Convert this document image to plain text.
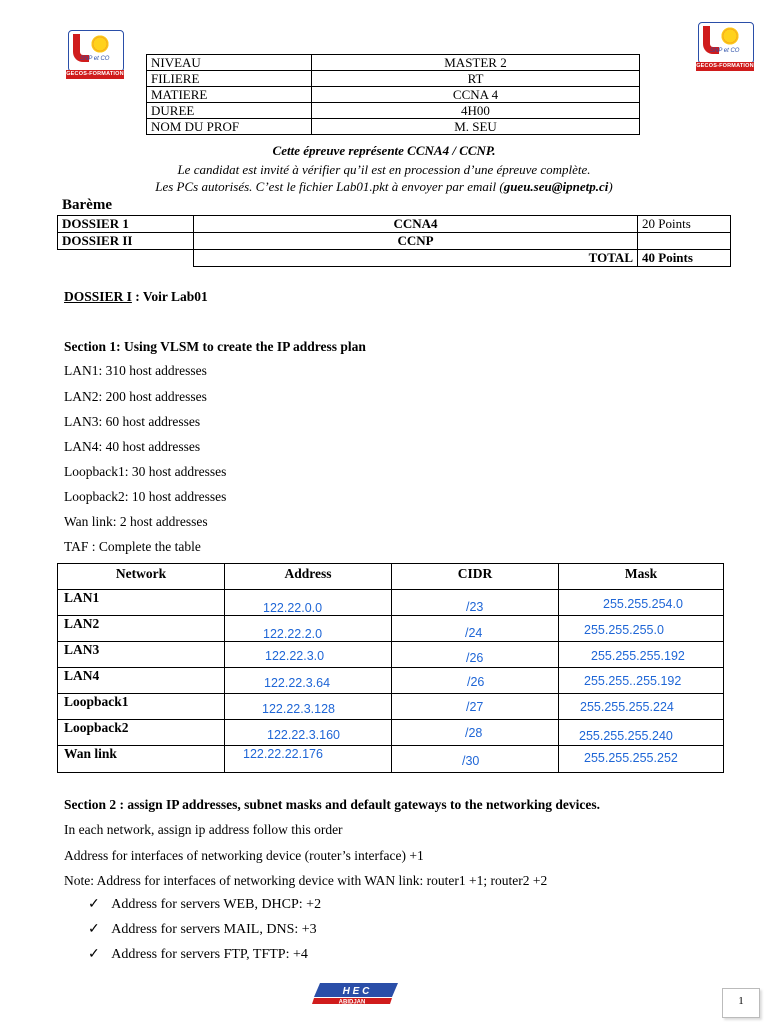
SNP et CO
GECOS-FORMATION
SNP et CO
GECOS-FORMATION
NIVEAU	MASTER 2
FILIERE	RT
MATIERE	CCNA 4
DUREE	4H00
NOM DU PROF	M. SEU
Cette épreuve représente CCNA4 / CCNP.
Le candidat est invité à vérifier qu’il est en procession d’une épreuve complète.
Les PCs autorisés. C’est le fichier Lab01.pkt à envoyer par email (gueu.seu@ipnetp.ci)
Barème
DOSSIER 1	CCNA4	20 Points
DOSSIER II	CCNP	
	TOTAL	40 Points
DOSSIER I : Voir Lab01
Section 1: Using VLSM to create the IP address plan
LAN1: 310 host addresses
LAN2: 200 host addresses
LAN3: 60 host addresses
LAN4: 40 host addresses
Loopback1: 30 host addresses
Loopback2: 10 host addresses
Wan link: 2 host addresses
TAF : Complete the table
Network	Address	CIDR	Mask
LAN1	122.22.0.0	/23	255.255.254.0

LAN2	122.22.2.0	/24	255.255.255.0

LAN3	122.22.3.0	/26	255.255.255.192

LAN4	122.22.3.64	/26	255.255..255.192

Loopback1	122.22.3.128	/27	255.255.255.224

Loopback2	122.22.3.160	/28	255.255.255.240

Wan link	122.22.22.176	/30	255.255.255.252
Section 2 : assign IP addresses, subnet masks and default gateways to the networking devices.
In each network, assign ip address follow this order
Address for interfaces of networking device (router’s interface) +1
Note: Address for interfaces of networking device with WAN link: router1 +1; router2 +2
✓ Address for servers WEB, DHCP: +2
✓ Address for servers MAIL, DNS: +3
✓ Address for servers FTP, TFTP: +4
H E C
ABIDJAN	1
